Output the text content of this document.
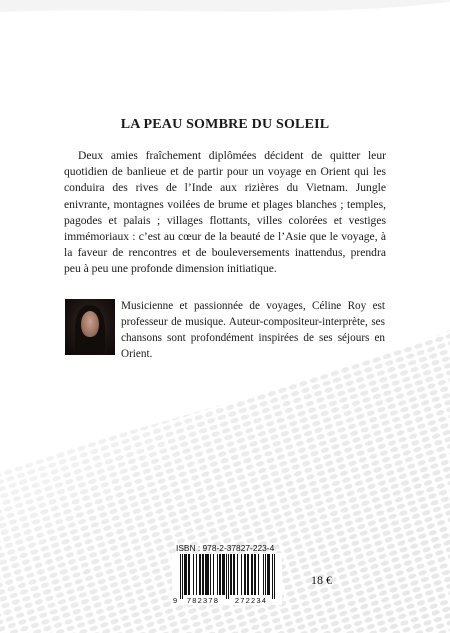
LA PEAU SOMBRE DU SOLEIL

Deux amies fraîchement diplômées décident de quitter leur quotidien de banlieue et de partir pour un voyage en Orient qui les conduira des rives de l’Inde aux rizières du Vietnam. Jungle enivrante, montagnes voilées de brume et plages blanches ; temples, pagodes et palais ; villages flottants, villes colorées et vestiges immémoriaux : c’est au cœur de la beauté de l’Asie que le voyage, à la faveur de rencontres et de bouleversements inattendus, prendra peu à peu une profonde dimension initiatique.

Musicienne et passionnée de voyages, Céline Roy est professeur de musique. Auteur-compositeur-interprète, ses chansons sont profondément inspirées de ses séjours en Orient.

ISBN : 978-2-37827-223-4
9 782378 272234
18 €
